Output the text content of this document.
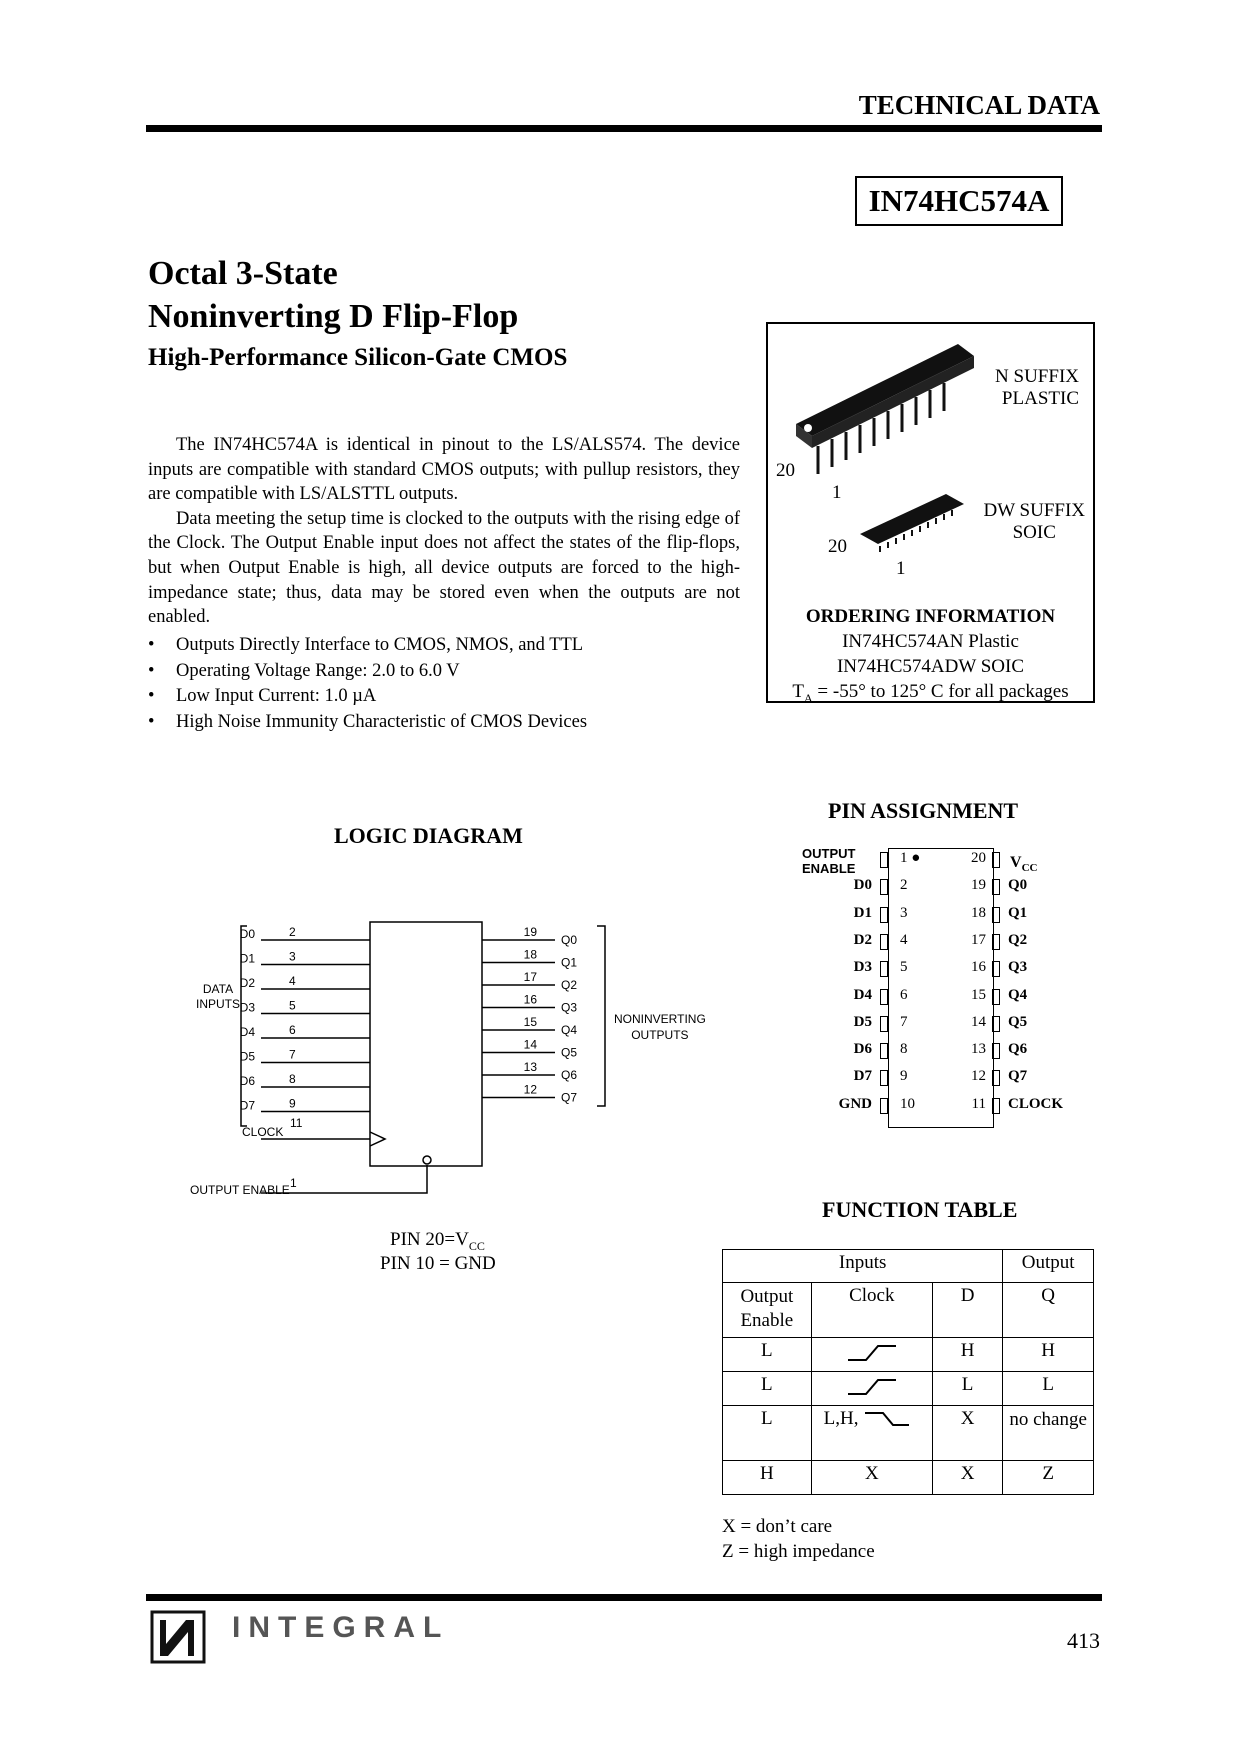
TECHNICAL DATA
IN74HC574A
Octal 3-State
Noninverting D Flip-Flop
High-Performance Silicon-Gate CMOS

The IN74HC574A is identical in pinout to the LS/ALS574. The device inputs are compatible with standard CMOS outputs; with pullup resistors, they are compatible with LS/ALSTTL outputs.

Data meeting the setup time is clocked to the outputs with the rising edge of the Clock. The Output Enable input does not affect the states of the flip-flops, but when Output Enable is high, all device outputs are forced to the high-impedance state; thus, data may be stored even when the outputs are not enabled.

• Outputs Directly Interface to CMOS, NMOS, and TTL
• Operating Voltage Range: 2.0 to 6.0 V
• Low Input Current: 1.0 µA
• High Noise Immunity Characteristic of CMOS Devices
20
1
N SUFFIX
PLASTIC
DW SUFFIX
SOIC
20
1
ORDERING INFORMATION
IN74HC574AN Plastic
IN74HC574ADW SOIC
$T_A = -55^\circ$ to 125° C for all packages
LOGIC DIAGRAM
D0	2
D1	3
D2	4
D3	5
D4	6
D5	7
D6	8
D7	9
Q0
19
Q1
18
Q2
17
Q3
16
Q4
15
Q5
14
Q6
13
Q7
12
DATA
INPUTS
NONINVERTING
OUTPUTS
CLOCK
11
OUTPUT ENABLE 1
PIN $20=V_{CC}$
PIN 10 = GND
PIN ASSIGNMENT
OUTPUT
ENABLE	$V_{CC}$
1 ●	20
D0 2	19 Q0
D1 3	18 Q1
D2 4	17 Q2
D3 5	16 Q3
D4 6	15 Q4
D5 7	14 Q5
D6 8	13 Q6
D7 9	12 Q7
GND 10	11 CLOCK
FUNCTION TABLE
Inputs			Output
Output Enable	Clock	D	Q
L		H	H
L		L	L
L	L,H,	X	no change
H	X	X	Z
X = don’t care
Z = high impedance
INTEGRAL	413
